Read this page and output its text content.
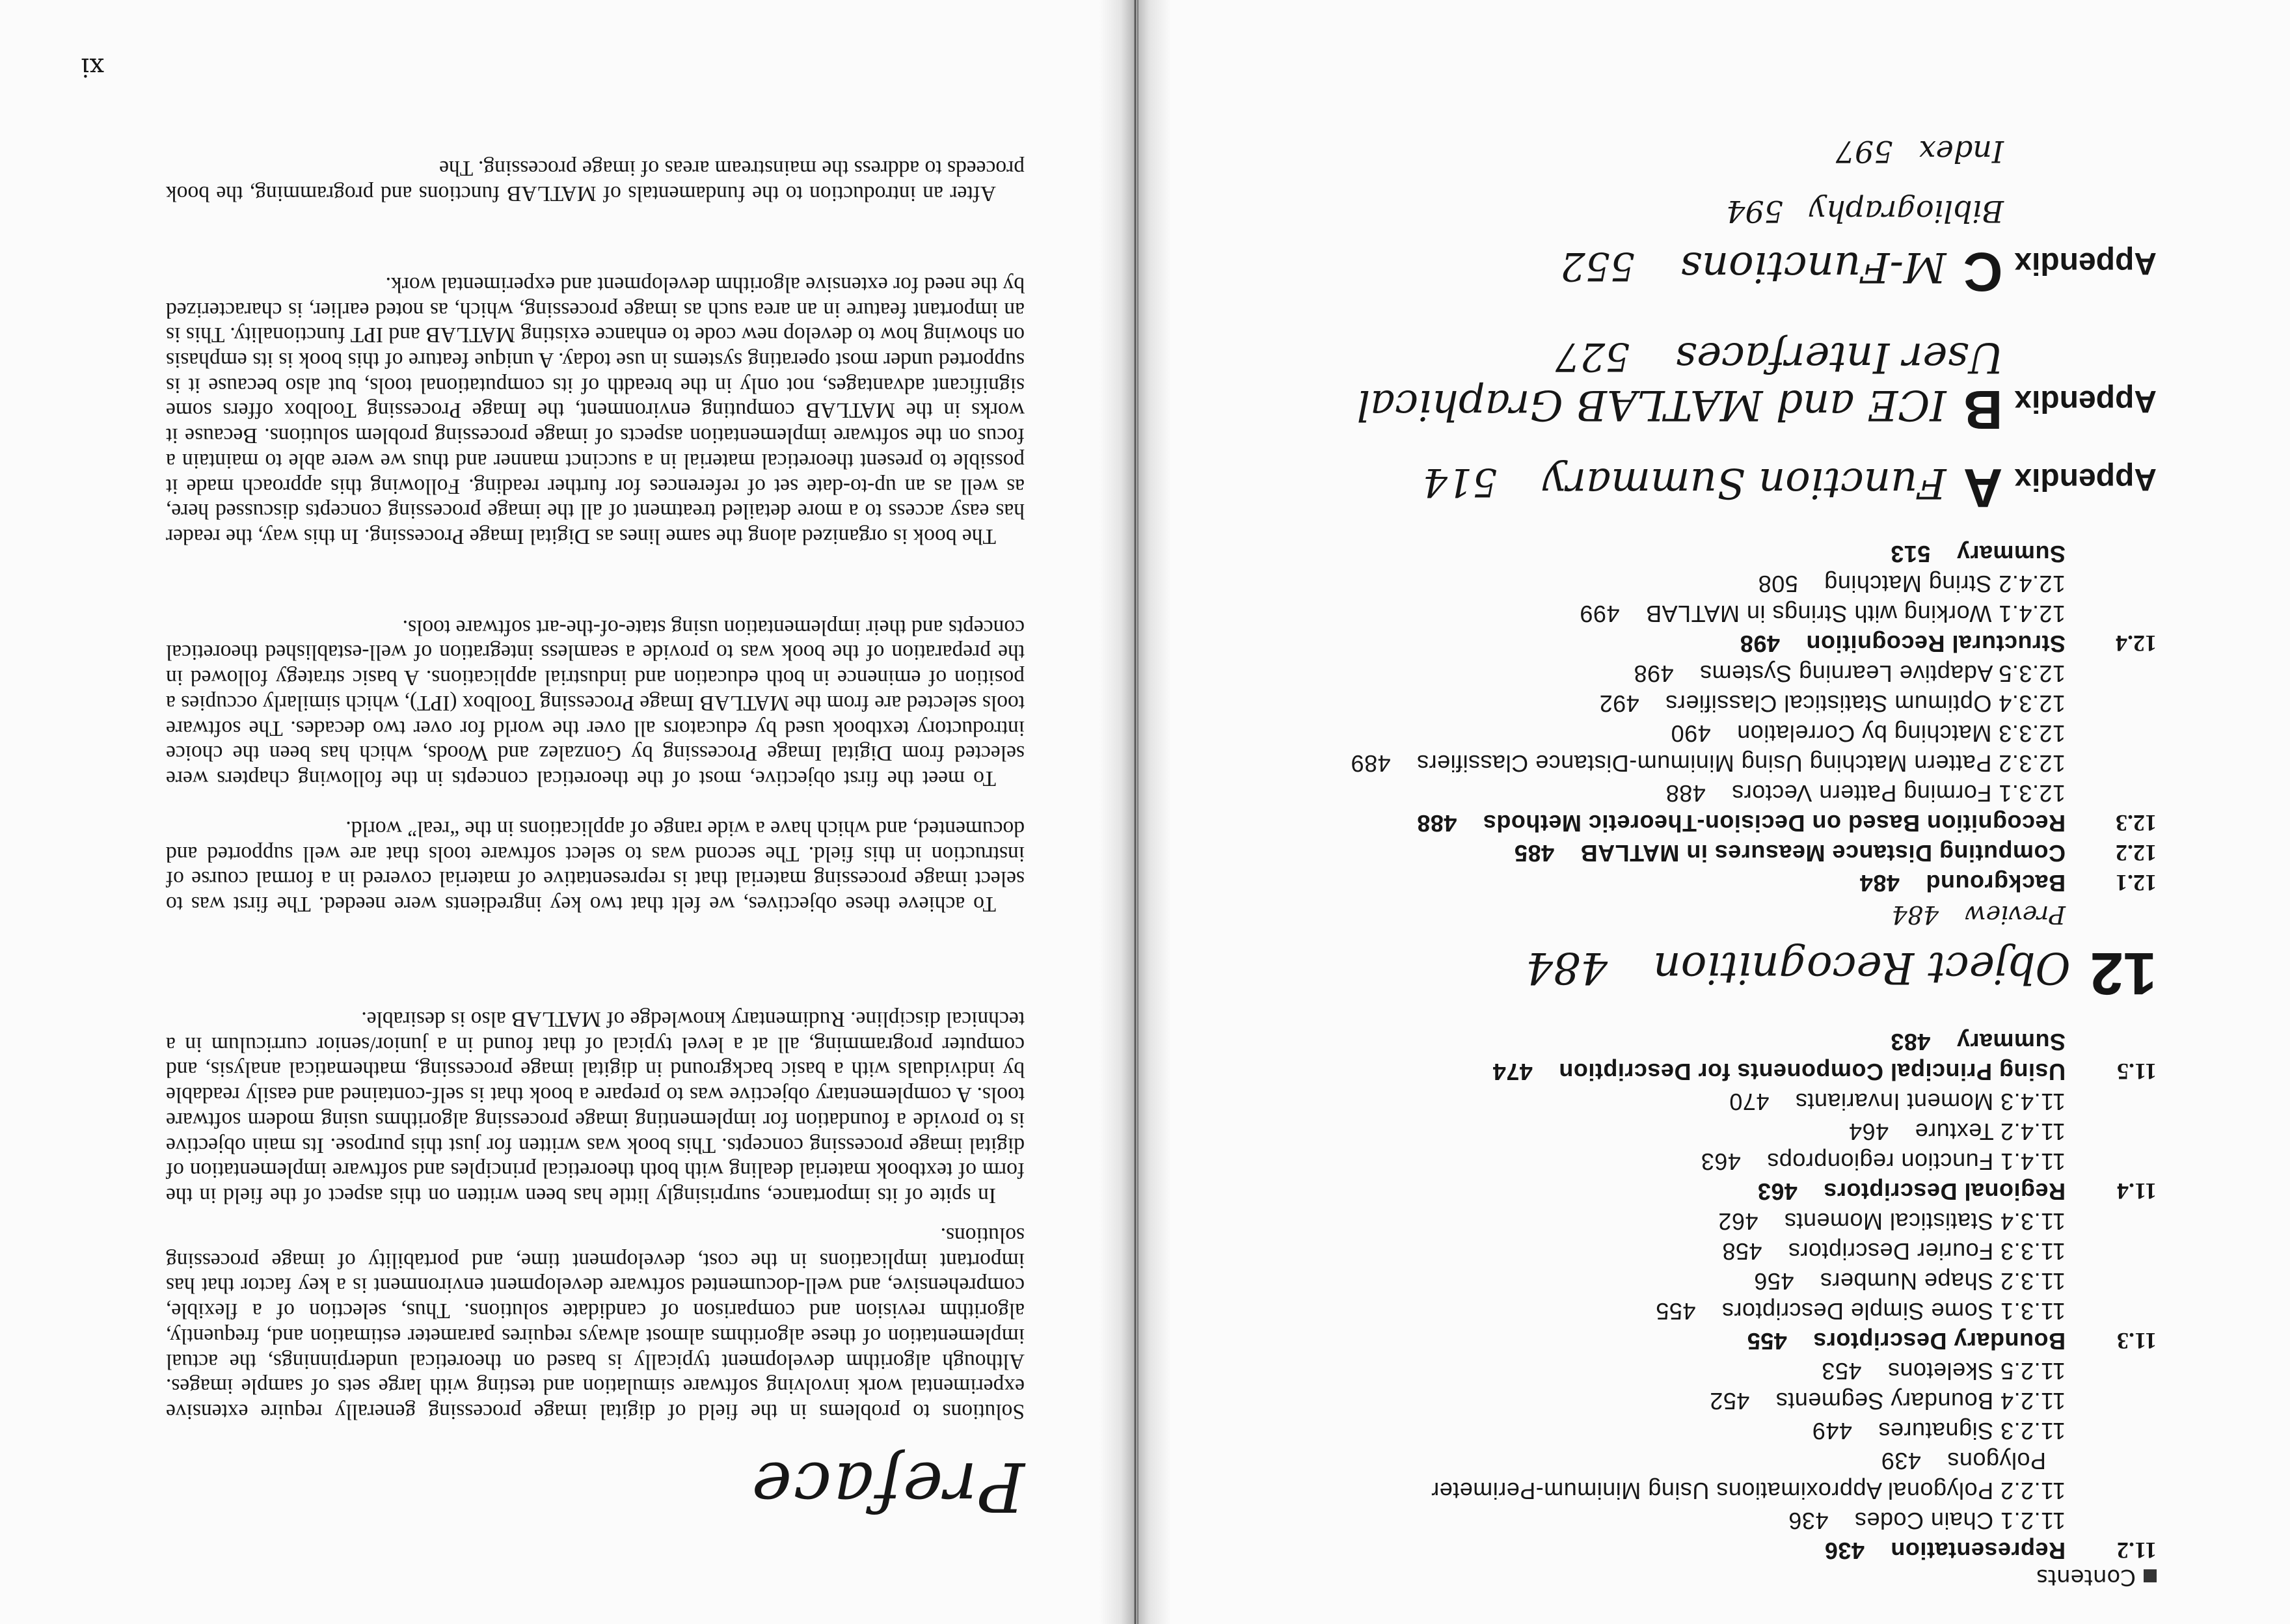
Contents
11.2Representation436
11.2.1 Chain Codes436
11.2.2 Polygonal Approximations Using Minimum-Perimeter
Polygons439
11.2.3 Signatures449
11.2.4 Boundary Segments452
11.2.5 Skeletons453
11.3Boundary Descriptors455
11.3.1 Some Simple Descriptors455
11.3.2 Shape Numbers456
11.3.3 Fourier Descriptors458
11.3.4 Statistical Moments462
11.4Regional Descriptors463
11.4.1 Function regionprops463
11.4.2 Texture464
11.4.3 Moment Invariants470
11.5Using Principal Components for Description474
Summary483
12Object Recognition484
Preview484
12.1Background484
12.2Computing Distance Measures in MATLAB485
12.3Recognition Based on Decision-Theoretic Methods488
12.3.1 Forming Pattern Vectors488
12.3.2 Pattern Matching Using Minimum-Distance Classifiers489
12.3.3 Matching by Correlation490
12.3.4 Optimum Statistical Classifiers492
12.3.5 Adaptive Learning Systems498
12.4Structural Recognition498
12.4.1 Working with Strings in MATLAB499
12.4.2 String Matching508
Summary513
AppendixAFunction Summary514
AppendixBICE and MATLAB Graphical
User Interfaces527
AppendixCM-Functions552
Bibliography594
Index597
Preface

Solutions to problems in the field of digital image processing generally require extensive experimental work involving software simulation and testing with large sets of sample images. Although algorithm development typically is based on theoretical underpinnings, the actual implementation of these algorithms almost always requires parameter estimation and, frequently, algorithm revision and comparison of candidate solutions. Thus, selection of a flexible, comprehensive, and well-documented software development environment is a key factor that has important implications in the cost, development time, and portability of image processing solutions.

In spite of its importance, surprisingly little has been written on this aspect of the field in the form of textbook material dealing with both theoretical principles and software implementation of digital image processing concepts. This book was written for just this purpose. Its main objective is to provide a foundation for implementing image processing algorithms using modern software tools. A complementary objective was to prepare a book that is self-contained and easily readable by individuals with a basic background in digital image processing, mathematical analysis, and computer programming, all at a level typical of that found in a junior/senior curriculum in a technical discipline. Rudimentary knowledge of MATLAB also is desirable.

To achieve these objectives, we felt that two key ingredients were needed. The first was to select image processing material that is representative of material covered in a formal course of instruction in this field. The second was to select software tools that are well supported and documented, and which have a wide range of applications in the “real” world.

To meet the first objective, most of the theoretical concepts in the following chapters were selected from Digital Image Processing by Gonzalez and Woods, which has been the choice introductory textbook used by educators all over the world for over two decades. The software tools selected are from the MATLAB Image Processing Toolbox (IPT), which similarly occupies a position of eminence in both education and industrial applications. A basic strategy followed in the preparation of the book was to provide a seamless integration of well-established theoretical concepts and their implementation using state-of-the-art software tools.

The book is organized along the same lines as Digital Image Processing. In this way, the reader has easy access to a more detailed treatment of all the image processing concepts discussed here, as well as an up-to-date set of references for further reading. Following this approach made it possible to present theoretical material in a succinct manner and thus we were able to maintain a focus on the software implementation aspects of image processing problem solutions. Because it works in the MATLAB computing environment, the Image Processing Toolbox offers some significant advantages, not only in the breadth of its computational tools, but also because it is supported under most operating systems in use today. A unique feature of this book is its emphasis on showing how to develop new code to enhance existing MATLAB and IPT functionality. This is an important feature in an area such as image processing, which, as noted earlier, is characterized by the need for extensive algorithm development and experimental work.

After an introduction to the fundamentals of MATLAB functions and programming, the book proceeds to address the mainstream areas of image processing. The

xi
